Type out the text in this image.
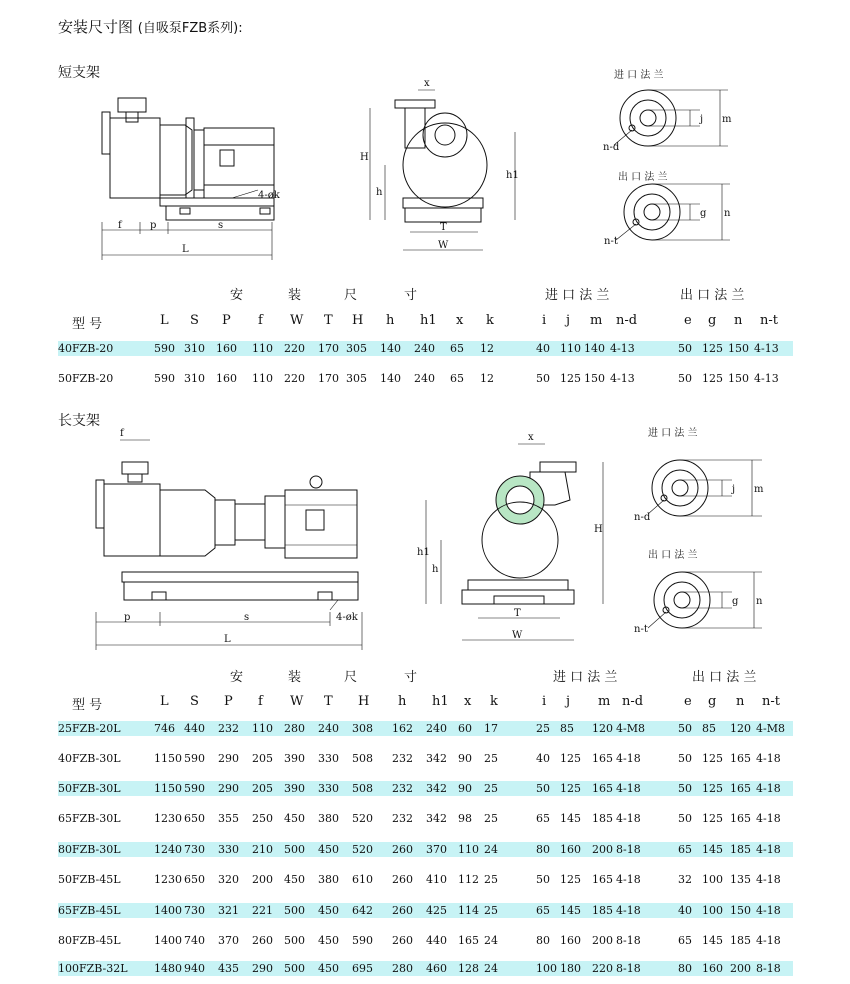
安装尺寸图 (自吸泵FZB系列):
短支架
4-øk
f	p	s
L
x
H
h
h1
T
W
进 口 法 兰
j m
n-d
出 口 法 兰
g n
n-t
f
4-øk
p	s
L
x
H
h1
h
T
W
进 口 法 兰
j m
n-d
出 口 法 兰
g n
n-t
安	装	尺	寸	进 口 法 兰	出 口 法 兰
型 号	L S P f W T H h h1 x k	i j m n-d	e g n n-t
40FZB-20	590 310 160 110 220 170 305 140 240 65 12	40 110 140 4-13	50 125 150 4-13
50FZB-20	590 310 160 110 220 170 305 140 240 65 12	50 125 150 4-13	50 125 150 4-13
长支架
安	装	尺	寸	进 口 法 兰	出 口 法 兰
型 号	L S P f W T H h h1 x k	i j m n-d	e g n n-t
25FZB-20L	746 440 232 110 280 240 308 162 240 60 17	25 85 120 4-M8	50 85 120 4-M8
40FZB-30L	1150 590 290 205 390 330 508 232 342 90 25	40 125 165 4-18	50 125 165 4-18
50FZB-30L	1150 590 290 205 390 330 508 232 342 90 25	50 125 165 4-18	50 125 165 4-18
65FZB-30L	1230 650 355 250 450 380 520 232 342 98 25	65 145 185 4-18	50 125 165 4-18
80FZB-30L	1240 730 330 210 500 450 520 260 370 110 24	80 160 200 8-18	65 145 185 4-18
50FZB-45L	1230 650 320 200 450 380 610 260 410 112 25	50 125 165 4-18	32 100 135 4-18
65FZB-45L	1400 730 321 221 500 450 642 260 425 114 25	65 145 185 4-18	40 100 150 4-18
80FZB-45L	1400 740 370 260 500 450 590 260 440 165 24	80 160 200 8-18	65 145 185 4-18
100FZB-32L 1480 940 435 290 500 450 695 280 460 128 24	100 180 220 8-18	80 160 200 8-18
